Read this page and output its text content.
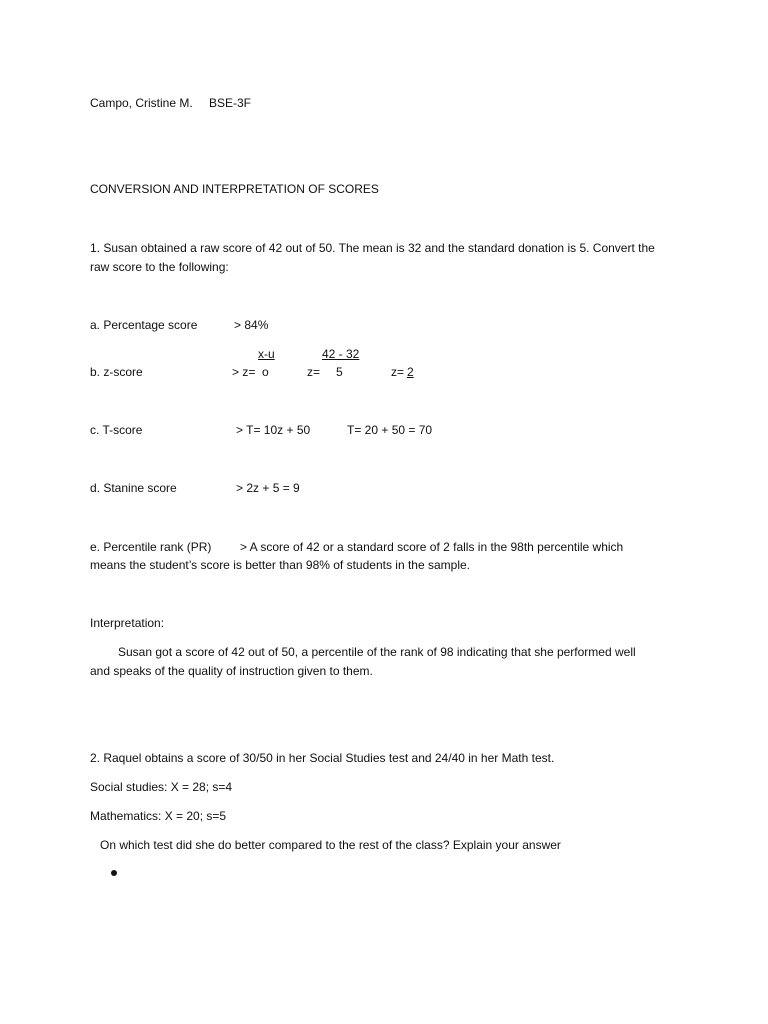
Campo, Cristine M. BSE-3F
CONVERSION AND INTERPRETATION OF SCORES
1. Susan obtained a raw score of 42 out of 50. The mean is 32 and the standard donation is 5. Convert the raw score to the following:
a. Percentage score	> 84%
x-u	42 - 32
b. z-score	> z= o	z= 5	z= 2
c. T-score	> T= 10z + 50	T= 20 + 50 = 70
d. Stanine score	> 2z + 5 = 9
e. Percentile rank (PR) > A score of 42 or a standard score of 2 falls in the 98th percentile which
means the student’s score is better than 98% of students in the sample.
Interpretation:
Susan got a score of 42 out of 50, a percentile of the rank of 98 indicating that she performed well
and speaks of the quality of instruction given to them.
2. Raquel obtains a score of 30/50 in her Social Studies test and 24/40 in her Math test.
Social studies: X = 28; s=4
Mathematics: X = 20; s=5
On which test did she do better compared to the rest of the class? Explain your answer
